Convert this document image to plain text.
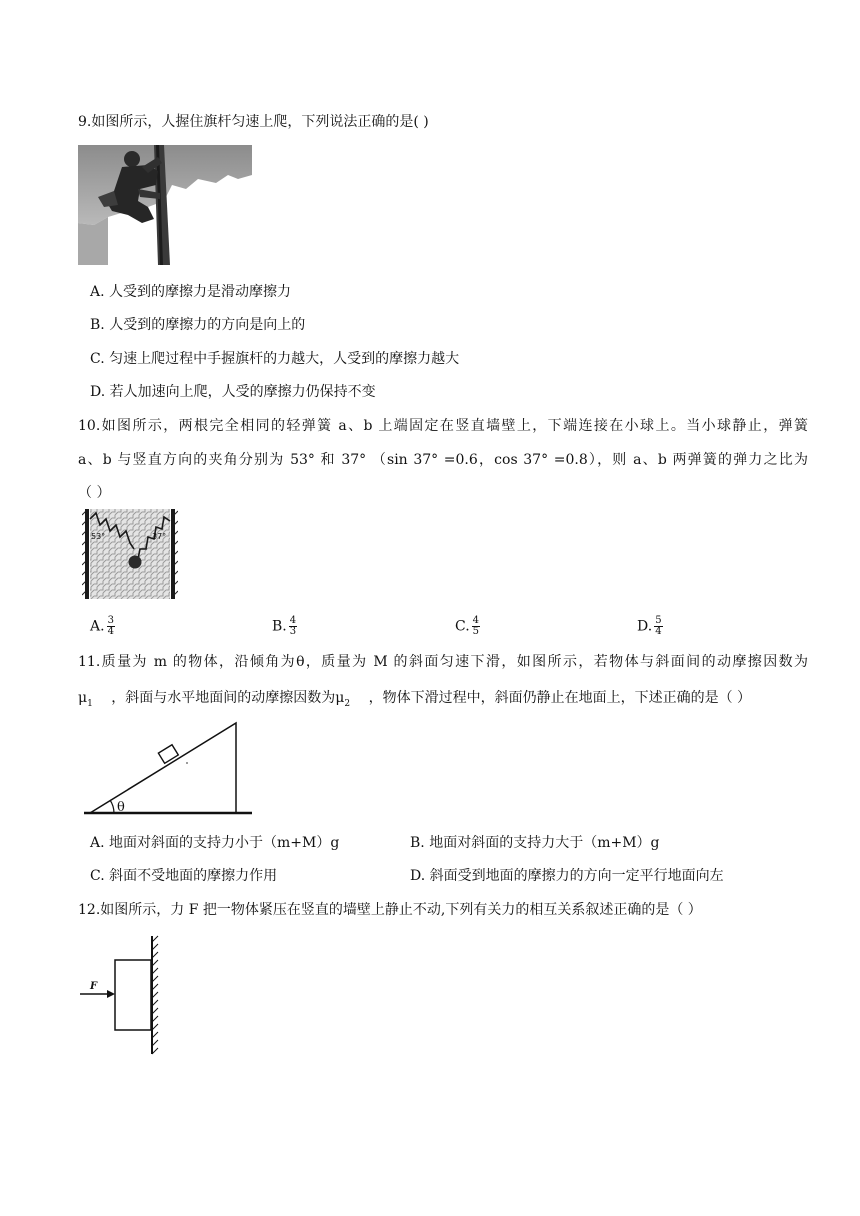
9.如图所示，人握住旗杆匀速上爬，下列说法正确的是( )
A. 人受到的摩擦力是滑动摩擦力
B. 人受到的摩擦力的方向是向上的
C. 匀速上爬过程中手握旗杆的力越大，人受到的摩擦力越大
D. 若人加速向上爬，人受的摩擦力仍保持不变
10.如图所示，两根完全相同的轻弹簧 a、b 上端固定在竖直墙壁上，下端连接在小球上。当小球静止，弹簧
a、b 与竖直方向的夹角分别为 53° 和 37° （sin 37° =0.6，cos 37° =0.8），则 a、b 两弹簧的弹力之比为
（ ）
53°	37°
A. $\frac{3}{4}$	B. $\frac{4}{3}$	C. $\frac{4}{5}$	D. $\frac{5}{4}$
11.质量为 m 的物体，沿倾角为θ，质量为 M 的斜面匀速下滑，如图所示，若物体与斜面间的动摩擦因数为
$\mu_1$ ，斜面与水平地面间的动摩擦因数为$\mu_2$ ，物体下滑过程中，斜面仍静止在地面上，下述正确的是（ ）
θ
A. 地面对斜面的支持力小于（m+M）g	B. 地面对斜面的支持力大于（m+M）g
C. 斜面不受地面的摩擦力作用	D. 斜面受到地面的摩擦力的方向一定平行地面向左
12.如图所示，力 F 把一物体紧压在竖直的墙壁上静止不动,下列有关力的相互关系叙述正确的是（ ）
F
